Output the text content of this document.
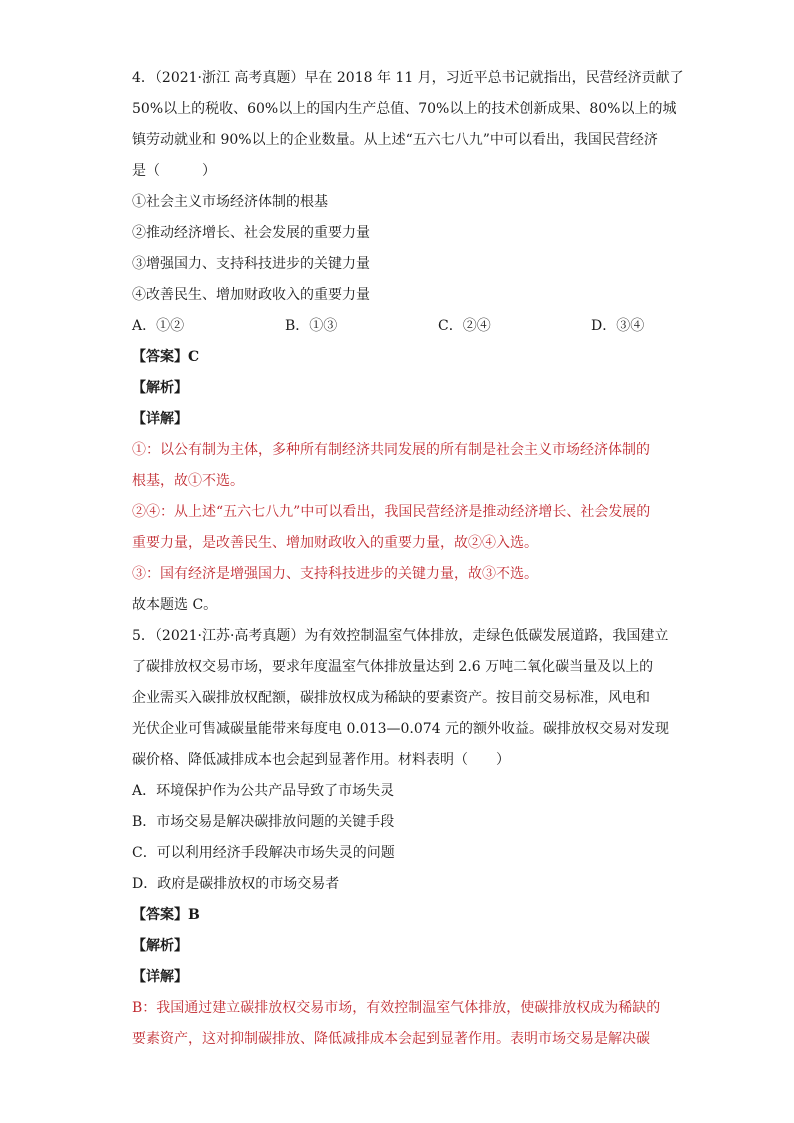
4．（2021·浙江 高考真题）早在 2018 年 11 月，习近平总书记就指出，民营经济贡献了
50%以上的税收、60%以上的国内生产总值、70%以上的技术创新成果、80%以上的城
镇劳动就业和 90%以上的企业数量。从上述“五六七八九”中可以看出，我国民营经济
是（　　　）
①社会主义市场经济体制的根基
②推动经济增长、社会发展的重要力量
③增强国力、支持科技进步的关键力量
④改善民生、增加财政收入的重要力量
A．①②	B．①③	C．②④	D．③④
【答案】C
【解析】
【详解】
①：以公有制为主体，多种所有制经济共同发展的所有制是社会主义市场经济体制的
根基，故①不选。
②④：从上述“五六七八九”中可以看出，我国民营经济是推动经济增长、社会发展的
重要力量，是改善民生、增加财政收入的重要力量，故②④入选。
③：国有经济是增强国力、支持科技进步的关键力量，故③不选。
故本题选 C。
5．（2021·江苏·高考真题）为有效控制温室气体排放，走绿色低碳发展道路，我国建立
了碳排放权交易市场，要求年度温室气体排放量达到 2.6 万吨二氧化碳当量及以上的
企业需买入碳排放权配额，碳排放权成为稀缺的要素资产。按目前交易标准，风电和
光伏企业可售减碳量能带来每度电 0.013—0.074 元的额外收益。碳排放权交易对发现
碳价格、降低减排成本也会起到显著作用。材料表明（　　）
A．环境保护作为公共产品导致了市场失灵
B．市场交易是解决碳排放问题的关键手段
C．可以利用经济手段解决市场失灵的问题
D．政府是碳排放权的市场交易者
【答案】B
【解析】
【详解】
B：我国通过建立碳排放权交易市场，有效控制温室气体排放，使碳排放权成为稀缺的
要素资产，这对抑制碳排放、降低减排成本会起到显著作用。表明市场交易是解决碳
